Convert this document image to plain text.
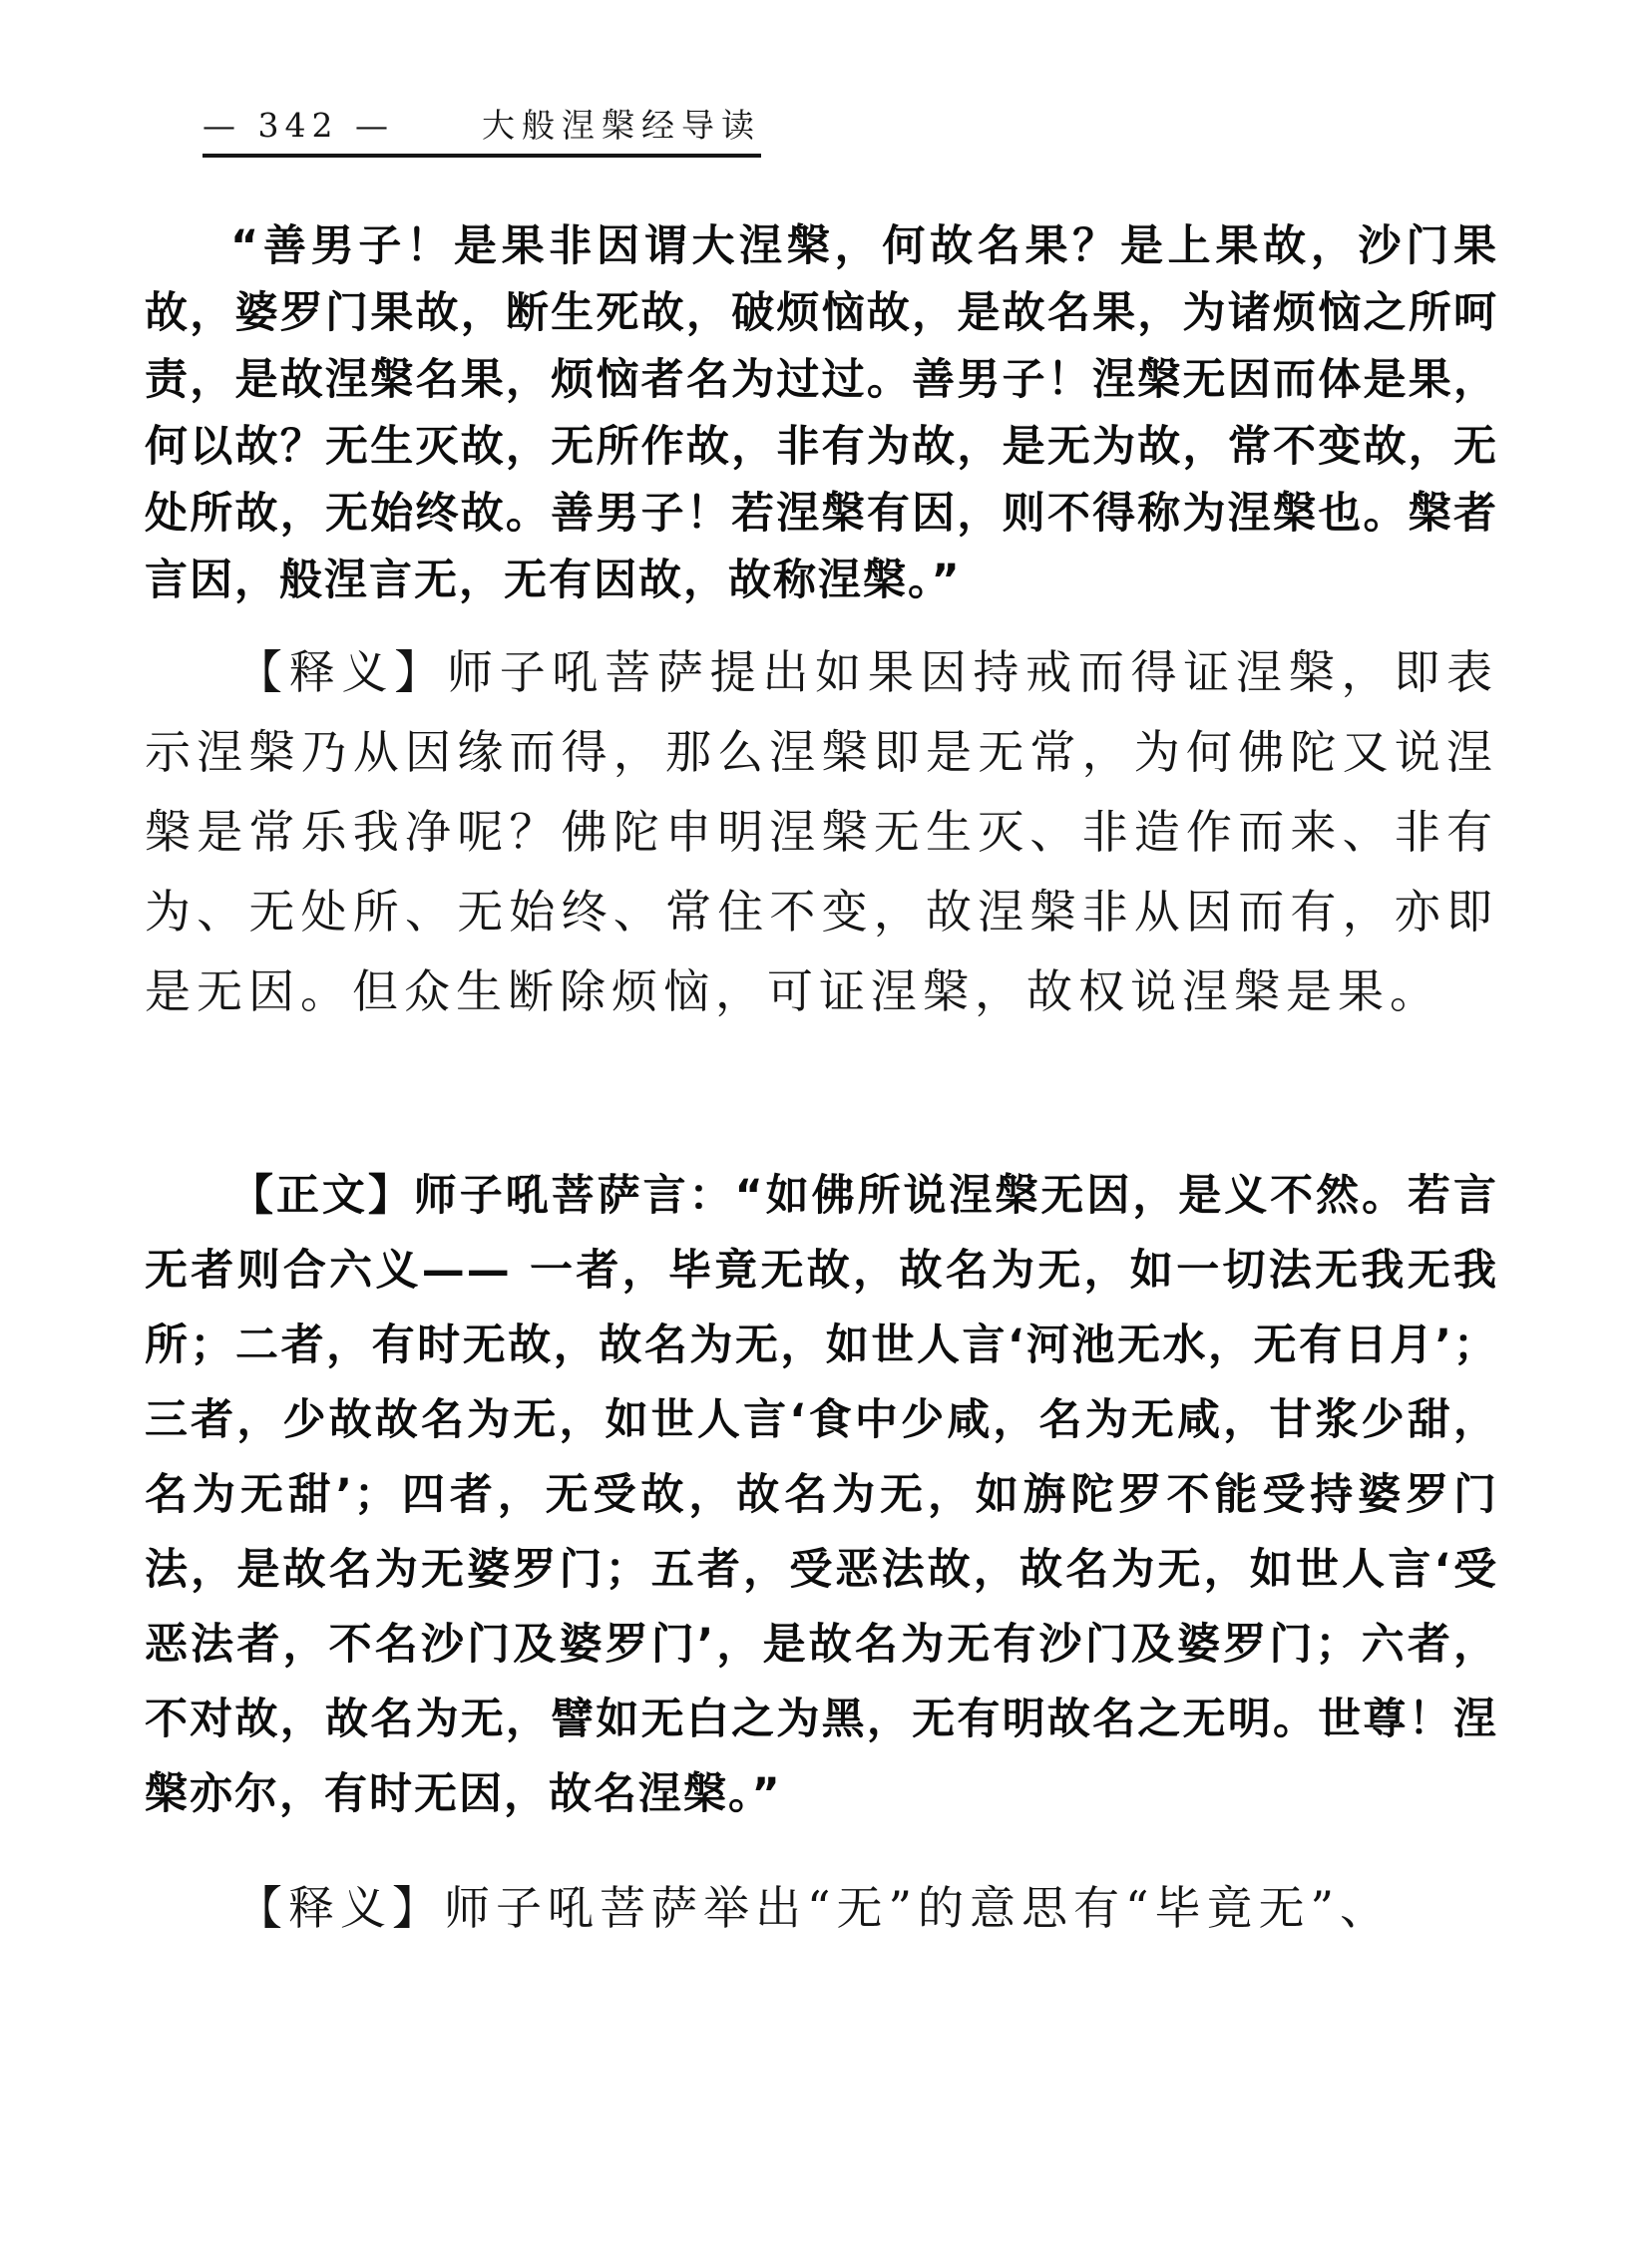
— 342 —	大般涅槃经导读

“善男子！是果非因谓大涅槃，何故名果？是上果故，沙门果故，婆罗门果故，断生死故，破烦恼故，是故名果，为诸烦恼之所呵责，是故涅槃名果，烦恼者名为过过。善男子！涅槃无因而体是果，何以故？无生灭故，无所作故，非有为故，是无为故，常不变故，无处所故，无始终故。善男子！若涅槃有因，则不得称为涅槃也。槃者言因，般涅言无，无有因故，故称涅槃。”

【释义】师子吼菩萨提出如果因持戒而得证涅槃，即表示涅槃乃从因缘而得，那么涅槃即是无常，为何佛陀又说涅槃是常乐我净呢？佛陀申明涅槃无生灭、非造作而来、非有为、无处所、无始终、常住不变，故涅槃非从因而有，亦即是无因。但众生断除烦恼，可证涅槃，故权说涅槃是果。

【正文】师子吼菩萨言：“如佛所说涅槃无因，是义不然。若言无者则合六义—— 一者，毕竟无故，故名为无，如一切法无我无我所；二者，有时无故，故名为无，如世人言‘河池无水，无有日月’；三者，少故故名为无，如世人言‘食中少咸，名为无咸，甘浆少甜，名为无甜’；四者，无受故，故名为无，如旃陀罗不能受持婆罗门法，是故名为无婆罗门；五者，受恶法故，故名为无，如世人言‘受恶法者，不名沙门及婆罗门’，是故名为无有沙门及婆罗门；六者，不对故，故名为无，譬如无白之为黑，无有明故名之无明。世尊！涅槃亦尔，有时无因，故名涅槃。”

【释义】师子吼菩萨举出“无”的意思有“毕竟无”、
